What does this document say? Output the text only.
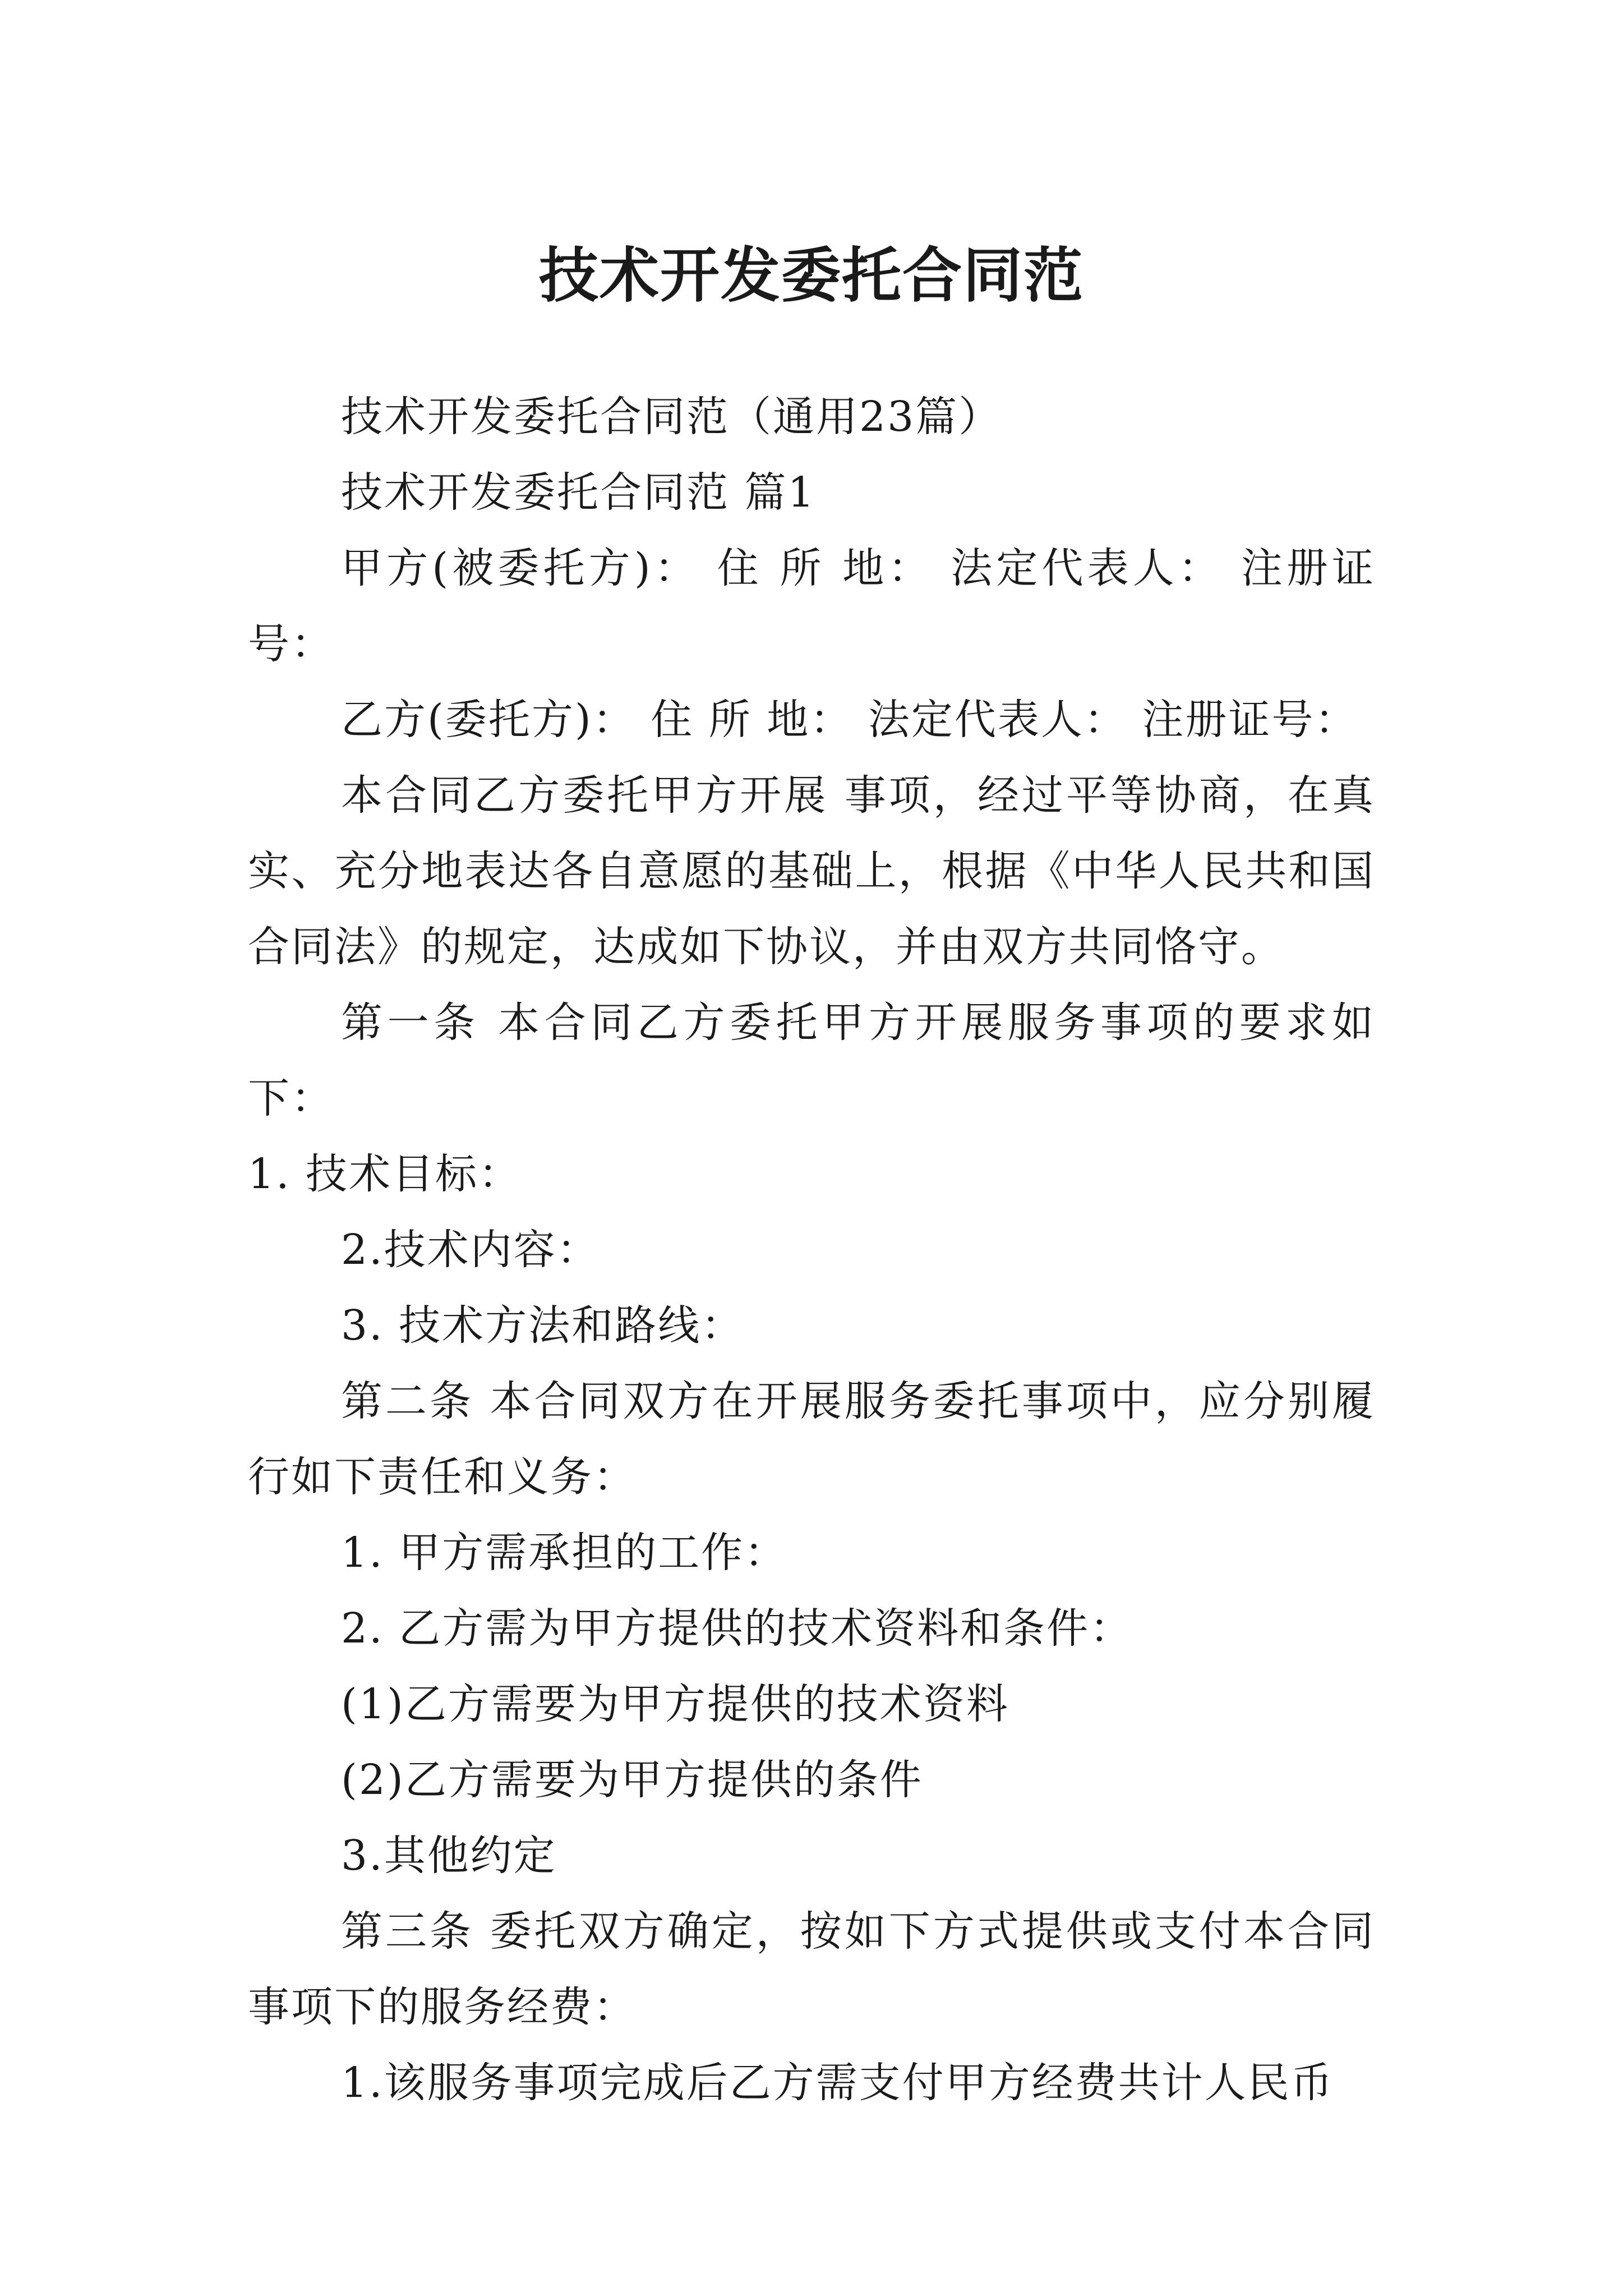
技术开发委托合同范

技术开发委托合同范（通用23篇）

技术开发委托合同范 篇1

甲方(被委托方)： 住 所 地： 法定代表人： 注册证号：

乙方(委托方)： 住 所 地： 法定代表人： 注册证号：

本合同乙方委托甲方开展 事项，经过平等协商，在真实、充分地表达各自意愿的基础上，根据《中华人民共和国合同法》的规定，达成如下协议，并由双方共同恪守。

第一条 本合同乙方委托甲方开展服务事项的要求如下：

1. 技术目标：

2.技术内容：

3. 技术方法和路线：

第二条 本合同双方在开展服务委托事项中，应分别履行如下责任和义务：

1. 甲方需承担的工作：

2. 乙方需为甲方提供的技术资料和条件：

(1)乙方需要为甲方提供的技术资料

(2)乙方需要为甲方提供的条件

3.其他约定

第三条 委托双方确定，按如下方式提供或支付本合同事项下的服务经费：

1.该服务事项完成后乙方需支付甲方经费共计人民币
